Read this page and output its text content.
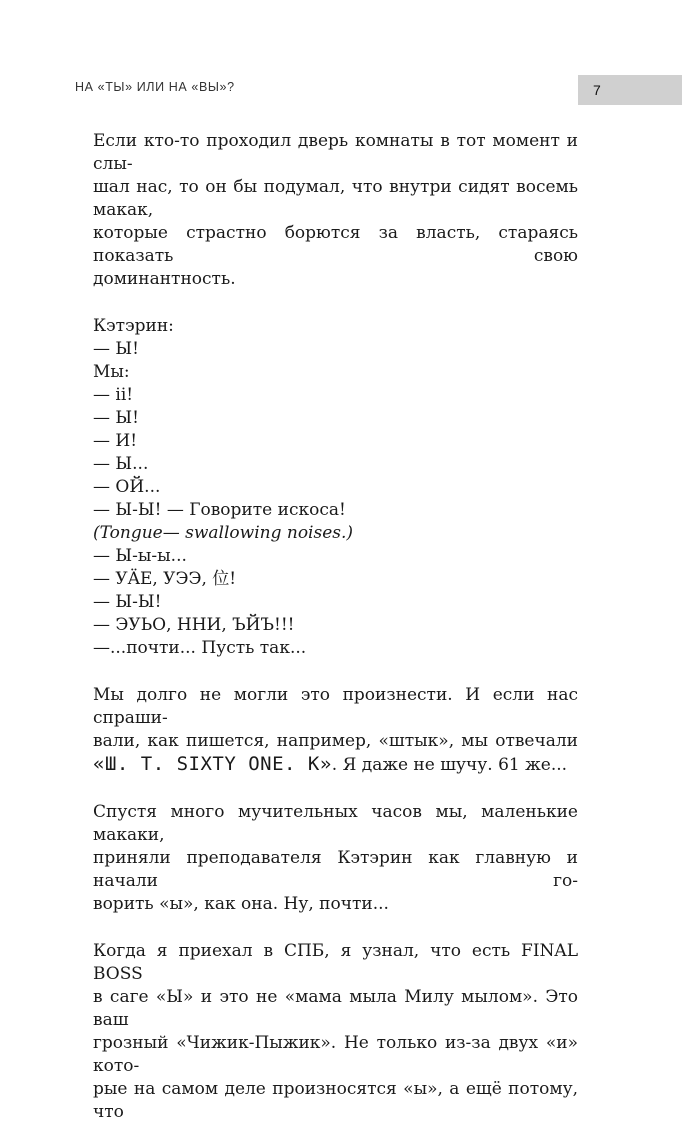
НА «ТЫ» ИЛИ НА «ВЫ»?	7

Если кто-то проходил дверь комнаты в тот момент и слы-
шал нас, то он бы подумал, что внутри сидят восемь макак,
которые страстно борются за власть, стараясь показать свою
доминантность.

Кэтэрин:
— Ы!
Мы:
— ii!
— Ы!
— И!
— Ы...
— ОЙ...
— Ы-Ы! — Говорите искоса!
(Tongue— swallowing noises.)
— Ы-ы-ы...
— УÄЕ, УЭЭ, 位!
— Ы-Ы!
— ЭУЬО, ННИ, ЪЙЪ!!!
—...почти... Пусть так...

Мы долго не могли это произнести. И если нас спраши-
вали, как пишется, например, «штык», мы отвечали
«Ш. Т. SIXTY ONE. К». Я даже не шучу. 61 же...

Спустя много мучительных часов мы, маленькие макаки,
приняли преподавателя Кэтэрин как главную и начали го-
ворить «ы», как она. Ну, почти...

Когда я приехал в СПБ, я узнал, что есть FINAL BOSS
в саге «Ы» и это не «мама мыла Милу мылом». Это ваш
грозный «Чижик-Пыжик». Не только из-за двух «и» кото-
рые на самом деле произносятся «ы», а ещё потому, что
